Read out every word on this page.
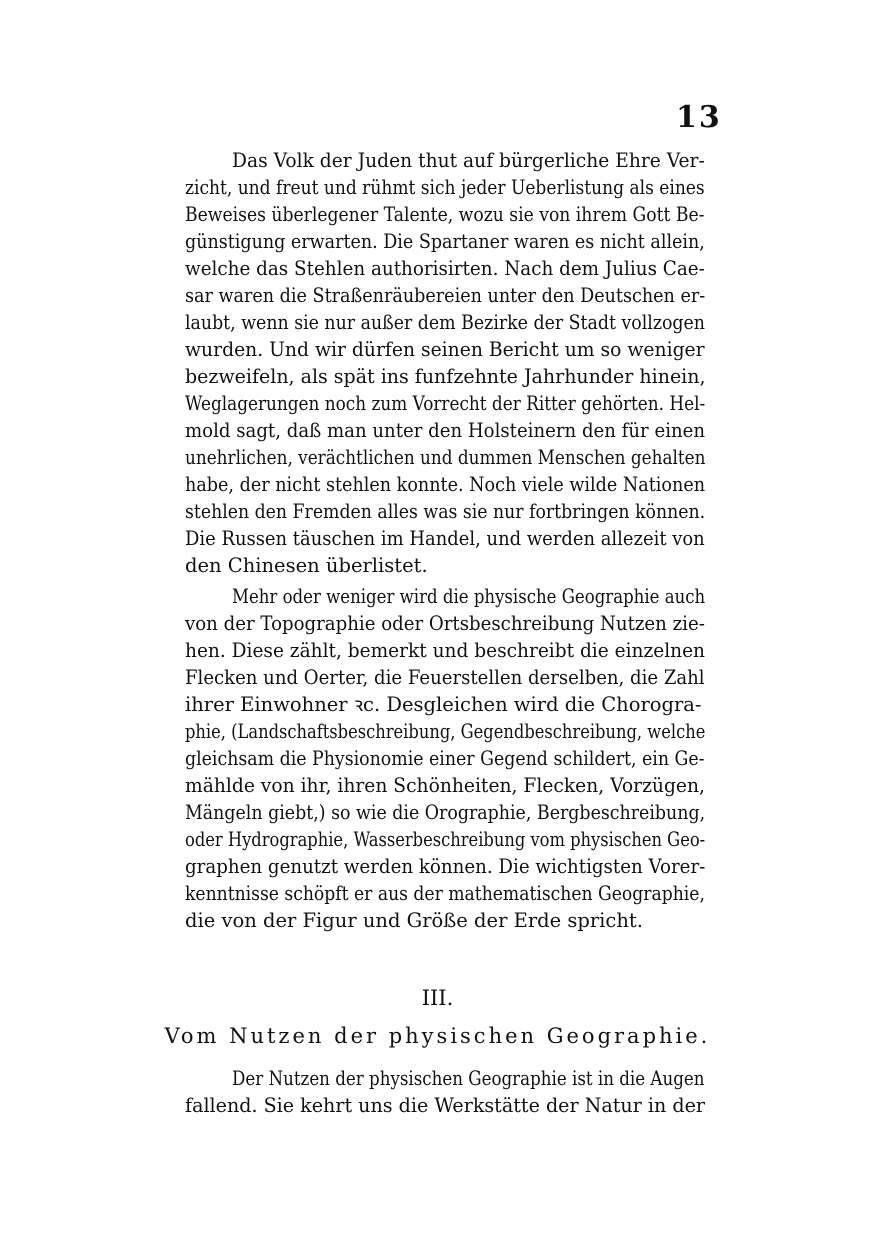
13
Das Volk der Juden thut auf bürgerliche Ehre Ver-
zicht, und freut und rühmt sich jeder Ueberlistung als eines
Beweises überlegener Talente, wozu sie von ihrem Gott Be-
günstigung erwarten. Die Spartaner waren es nicht allein,
welche das Stehlen authorisirten. Nach dem Julius Cae-
sar waren die Straßenräubereien unter den Deutschen er-
laubt, wenn sie nur außer dem Bezirke der Stadt vollzogen
wurden. Und wir dürfen seinen Bericht um so weniger
bezweifeln, als spät ins funfzehnte Jahrhunder hinein,
Weglagerungen noch zum Vorrecht der Ritter gehörten. Hel-
mold sagt, daß man unter den Holsteinern den für einen
unehrlichen, verächtlichen und dummen Menschen gehalten
habe, der nicht stehlen konnte. Noch viele wilde Nationen
stehlen den Fremden alles was sie nur fortbringen können.
Die Russen täuschen im Handel, und werden allezeit von
den Chinesen überlistet.
Mehr oder weniger wird die physische Geographie auch
von der Topographie oder Ortsbeschreibung Nutzen zie-
hen. Diese zählt, bemerkt und beschreibt die einzelnen
Flecken und Oerter, die Feuerstellen derselben, die Zahl
ihrer Einwohner ꝛc. Desgleichen wird die Chorogra-
phie, (Landschaftsbeschreibung, Gegendbeschreibung, welche
gleichsam die Physionomie einer Gegend schildert, ein Ge-
mählde von ihr, ihren Schönheiten, Flecken, Vorzügen,
Mängeln giebt,) so wie die Orographie, Bergbeschreibung,
oder Hydrographie, Wasserbeschreibung vom physischen Geo-
graphen genutzt werden können. Die wichtigsten Vorer-
kenntnisse schöpft er aus der mathematischen Geographie,
die von der Figur und Größe der Erde spricht.
III.
Vom Nutzen der physischen Geographie.
Der Nutzen der physischen Geographie ist in die Augen
fallend. Sie kehrt uns die Werkstätte der Natur in der
